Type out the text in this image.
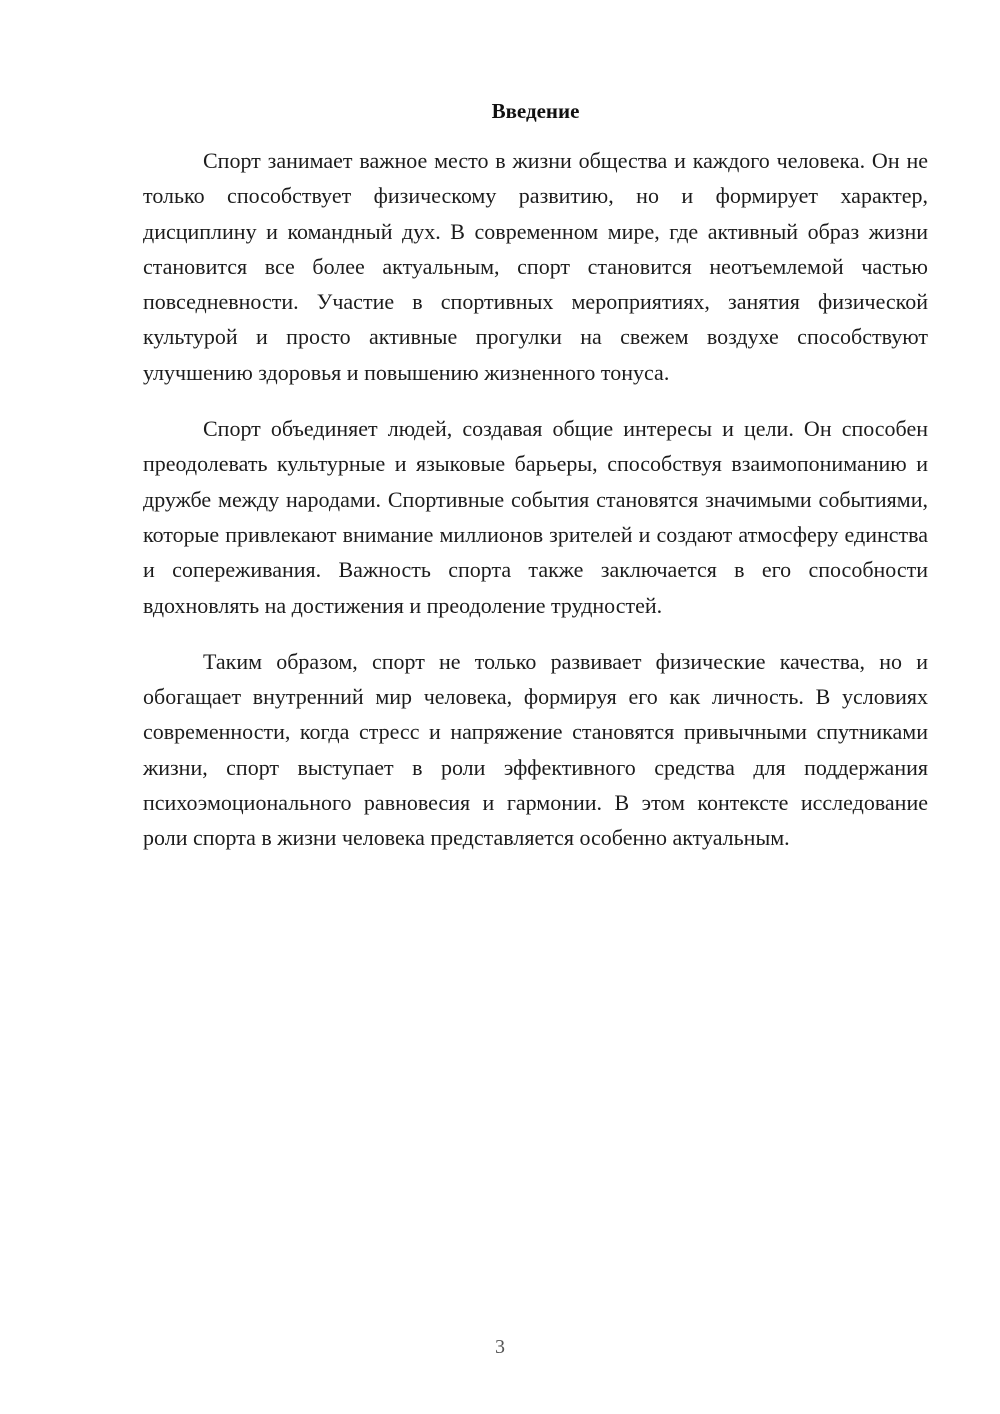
Введение

Спорт занимает важное место в жизни общества и каждого человека. Он не только способствует физическому развитию, но и формирует характер, дисциплину и командный дух. В современном мире, где активный образ жизни становится все более актуальным, спорт становится неотъемлемой частью повседневности. Участие в спортивных мероприятиях, занятия физической культурой и просто активные прогулки на свежем воздухе способствуют улучшению здоровья и повышению жизненного тонуса.

Спорт объединяет людей, создавая общие интересы и цели. Он способен преодолевать культурные и языковые барьеры, способствуя взаимопониманию и дружбе между народами. Спортивные события становятся значимыми событиями, которые привлекают внимание миллионов зрителей и создают атмосферу единства и сопереживания. Важность спорта также заключается в его способности вдохновлять на достижения и преодоление трудностей.

Таким образом, спорт не только развивает физические качества, но и обогащает внутренний мир человека, формируя его как личность. В условиях современности, когда стресс и напряжение становятся привычными спутниками жизни, спорт выступает в роли эффективного средства для поддержания психоэмоционального равновесия и гармонии. В этом контексте исследование роли спорта в жизни человека представляется особенно актуальным.

3
